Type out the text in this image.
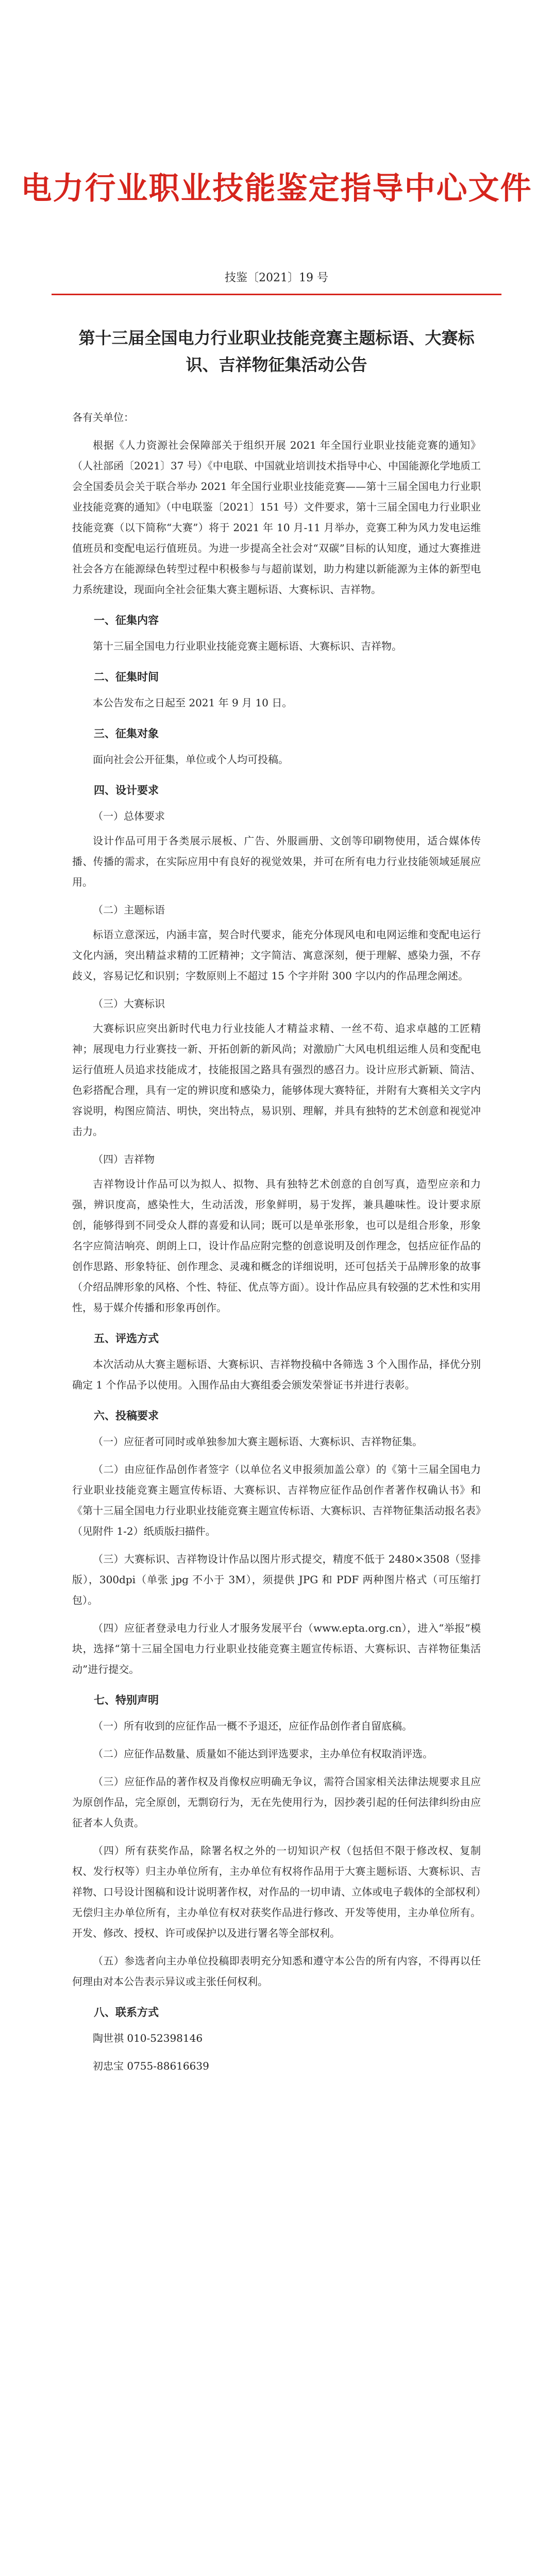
电力行业职业技能鉴定指导中心文件
技鉴〔2021〕19 号
第十三届全国电力行业职业技能竞赛主题标语、大赛标识、吉祥物征集活动公告

各有关单位：

根据《人力资源社会保障部关于组织开展 2021 年全国行业职业技能竞赛的通知》（人社部函〔2021〕37 号）《中电联、中国就业培训技术指导中心、中国能源化学地质工会全国委员会关于联合举办 2021 年全国行业职业技能竞赛——第十三届全国电力行业职业技能竞赛的通知》（中电联鉴〔2021〕151 号）文件要求，第十三届全国电力行业职业技能竞赛（以下简称“大赛”）将于 2021 年 10 月-11 月举办，竞赛工种为风力发电运维值班员和变配电运行值班员。为进一步提高全社会对“双碳”目标的认知度，通过大赛推进社会各方在能源绿色转型过程中积极参与与超前谋划，助力构建以新能源为主体的新型电力系统建设，现面向全社会征集大赛主题标语、大赛标识、吉祥物。

一、征集内容

第十三届全国电力行业职业技能竞赛主题标语、大赛标识、吉祥物。

二、征集时间

本公告发布之日起至 2021 年 9 月 10 日。

三、征集对象

面向社会公开征集，单位或个人均可投稿。

四、设计要求
（一）总体要求

设计作品可用于各类展示展板、广告、外服画册、文创等印刷物使用，适合媒体传播、传播的需求，在实际应用中有良好的视觉效果，并可在所有电力行业技能领域延展应用。

（二）主题标语

标语立意深远，内涵丰富，契合时代要求，能充分体现风电和电网运维和变配电运行文化内涵，突出精益求精的工匠精神；文字简洁、寓意深刻，便于理解、感染力强，不存歧义，容易记忆和识别；字数原则上不超过 15 个字并附 300 字以内的作品理念阐述。

（三）大赛标识

大赛标识应突出新时代电力行业技能人才精益求精、一丝不苟、追求卓越的工匠精神；展现电力行业赛技一新、开拓创新的新风尚；对激励广大风电机组运维人员和变配电运行值班人员追求技能成才，技能报国之路具有强烈的感召力。设计应形式新颖、简洁、色彩搭配合理，具有一定的辨识度和感染力，能够体现大赛特征，并附有大赛相关文字内容说明，构图应简洁、明快，突出特点，易识别、理解，并具有独特的艺术创意和视觉冲击力。

（四）吉祥物

吉祥物设计作品可以为拟人、拟物、具有独特艺术创意的自创写真，造型应亲和力强，辨识度高，感染性大，生动活泼，形象鲜明，易于发挥，兼具趣味性。设计要求原创，能够得到不同受众人群的喜爱和认同；既可以是单张形象，也可以是组合形象，形象名字应简洁响亮、朗朗上口，设计作品应附完整的创意说明及创作理念，包括应征作品的创作思路、形象特征、创作理念、灵魂和概念的详细说明，还可包括关于品牌形象的故事（介绍品牌形象的风格、个性、特征、优点等方面）。设计作品应具有较强的艺术性和实用性，易于媒介传播和形象再创作。

五、评选方式

本次活动从大赛主题标语、大赛标识、吉祥物投稿中各筛选 3 个入围作品，择优分别确定 1 个作品予以使用。入围作品由大赛组委会颁发荣誉证书并进行表彰。

六、投稿要求

（一）应征者可同时或单独参加大赛主题标语、大赛标识、吉祥物征集。

（二）由应征作品创作者签字（以单位名义申报须加盖公章）的《第十三届全国电力行业职业技能竞赛主题宣传标语、大赛标识、吉祥物应征作品创作者著作权确认书》和《第十三届全国电力行业职业技能竞赛主题宣传标语、大赛标识、吉祥物征集活动报名表》（见附件 1-2）纸质版扫描件。

（三）大赛标识、吉祥物设计作品以图片形式提交，精度不低于 2480×3508（竖排版），300dpi（单张 jpg 不小于 3M），须提供 JPG 和 PDF 两种图片格式（可压缩打包）。

（四）应征者登录电力行业人才服务发展平台（www.epta.org.cn），进入“举报”模块，选择“第十三届全国电力行业职业技能竞赛主题宣传标语、大赛标识、吉祥物征集活动”进行提交。

七、特别声明

（一）所有收到的应征作品一概不予退还，应征作品创作者自留底稿。

（二）应征作品数量、质量如不能达到评选要求，主办单位有权取消评选。

（三）应征作品的著作权及肖像权应明确无争议，需符合国家相关法律法规要求且应为原创作品，完全原创，无剽窃行为，无在先使用行为，因抄袭引起的任何法律纠纷由应征者本人负责。

（四）所有获奖作品，除署名权之外的一切知识产权（包括但不限于修改权、复制权、发行权等）归主办单位所有，主办单位有权将作品用于大赛主题标语、大赛标识、吉祥物、口号设计图稿和设计说明著作权，对作品的一切申请、立体或电子载体的全部权利）无偿归主办单位所有，主办单位有权对获奖作品进行修改、开发等使用，主办单位所有。开发、修改、授权、许可或保护以及进行署名等全部权利。

（五）参选者向主办单位投稿即表明充分知悉和遵守本公告的所有内容，不得再以任何理由对本公告表示异议或主张任何权利。

八、联系方式

陶世祺 010-52398146

初忠宝 0755-88616639
